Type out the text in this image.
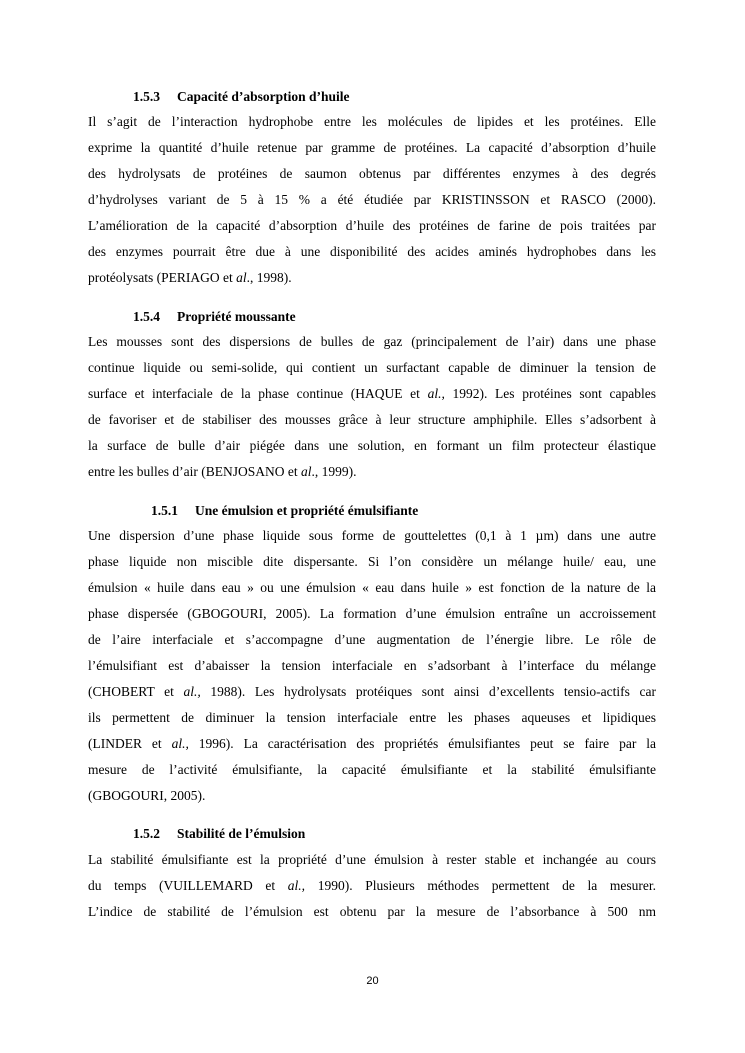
1.5.3 Capacité d’absorption d’huile
Il s’agit de l’interaction hydrophobe entre les molécules de lipides et les protéines. Elle
exprime la quantité d’huile retenue par gramme de protéines. La capacité d’absorption d’huile
des hydrolysats de protéines de saumon obtenus par différentes enzymes à des degrés
d’hydrolyses variant de 5 à 15 % a été étudiée par KRISTINSSON et RASCO (2000).
L’amélioration de la capacité d’absorption d’huile des protéines de farine de pois traitées par
des enzymes pourrait être due à une disponibilité des acides aminés hydrophobes dans les
protéolysats (PERIAGO et al., 1998).
1.5.4 Propriété moussante
Les mousses sont des dispersions de bulles de gaz (principalement de l’air) dans une phase
continue liquide ou semi-solide, qui contient un surfactant capable de diminuer la tension de
surface et interfaciale de la phase continue (HAQUE et al., 1992). Les protéines sont capables
de favoriser et de stabiliser des mousses grâce à leur structure amphiphile. Elles s’adsorbent à
la surface de bulle d’air piégée dans une solution, en formant un film protecteur élastique
entre les bulles d’air (BENJOSANO et al., 1999).
1.5.1 Une émulsion et propriété émulsifiante
Une dispersion d’une phase liquide sous forme de gouttelettes (0,1 à 1 µm) dans une autre
phase liquide non miscible dite dispersante. Si l’on considère un mélange huile/ eau, une
émulsion « huile dans eau » ou une émulsion « eau dans huile » est fonction de la nature de la
phase dispersée (GBOGOURI, 2005). La formation d’une émulsion entraîne un accroissement
de l’aire interfaciale et s’accompagne d’une augmentation de l’énergie libre. Le rôle de
l’émulsifiant est d’abaisser la tension interfaciale en s’adsorbant à l’interface du mélange
(CHOBERT et al., 1988). Les hydrolysats protéiques sont ainsi d’excellents tensio-actifs car
ils permettent de diminuer la tension interfaciale entre les phases aqueuses et lipidiques
(LINDER et al., 1996). La caractérisation des propriétés émulsifiantes peut se faire par la
mesure de l’activité émulsifiante, la capacité émulsifiante et la stabilité émulsifiante
(GBOGOURI, 2005).
1.5.2 Stabilité de l’émulsion
La stabilité émulsifiante est la propriété d’une émulsion à rester stable et inchangée au cours
du temps (VUILLEMARD et al., 1990). Plusieurs méthodes permettent de la mesurer.
L’indice de stabilité de l’émulsion est obtenu par la mesure de l’absorbance à 500 nm
20
